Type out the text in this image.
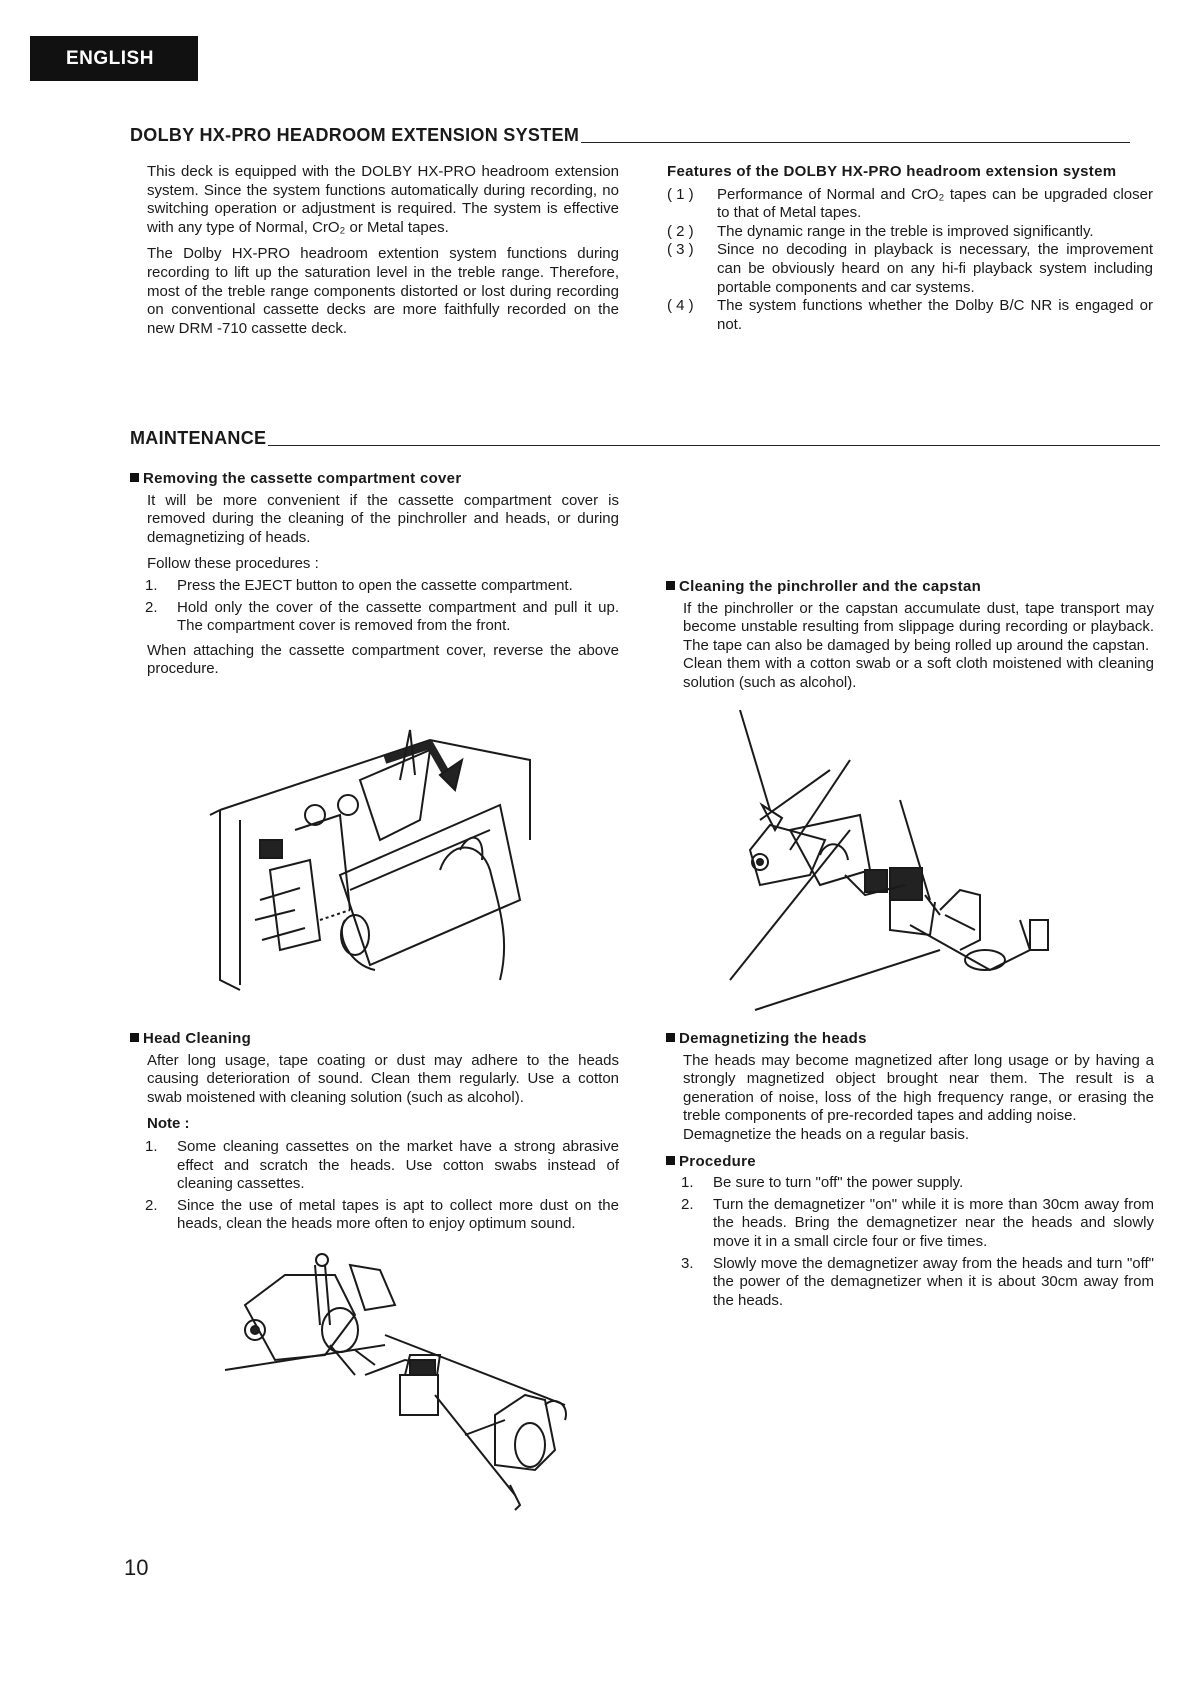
ENGLISH
DOLBY HX-PRO HEADROOM EXTENSION SYSTEM

This deck is equipped with the DOLBY HX-PRO headroom extension system. Since the system functions automatically during recording, no switching operation or adjustment is required. The system is effective with any type of Normal, CrO₂ or Metal tapes.

The Dolby HX-PRO headroom extention system functions during recording to lift up the saturation level in the treble range. Therefore, most of the treble range components distorted or lost during recording on conventional cassette decks are more faithfully recorded on the new DRM -710 cassette deck.

Features of the DOLBY HX-PRO headroom extension system
( 1 )	Performance of Normal and CrO₂ tapes can be upgraded closer to that of Metal tapes.
( 2 )	The dynamic range in the treble is improved significantly.
( 3 )	Since no decoding in playback is necessary, the improvement can be obviously heard on any hi-fi playback system including portable components and car systems.
( 4 )	The system functions whether the Dolby B/C NR is engaged or not.
MAINTENANCE
Removing the cassette compartment cover

It will be more convenient if the cassette compartment cover is removed during the cleaning of the pinchroller and heads, or during demagnetizing of heads.

Follow these procedures :

1.	Press the EJECT button to open the cassette compartment.
2.	Hold only the cover of the cassette compartment and pull it up. The compartment cover is removed from the front.

When attaching the cassette compartment cover, reverse the above procedure.

Cleaning the pinchroller and the capstan

If the pinchroller or the capstan accumulate dust, tape transport may become unstable resulting from slippage during recording or playback. The tape can also be damaged by being rolled up around the capstan.

Clean them with a cotton swab or a soft cloth moistened with cleaning solution (such as alcohol).

Head Cleaning

After long usage, tape coating or dust may adhere to the heads causing deterioration of sound. Clean them regularly. Use a cotton swab moistened with cleaning solution (such as alcohol).

Note :
1.	Some cleaning cassettes on the market have a strong abrasive effect and scratch the heads. Use cotton swabs instead of cleaning cassettes.
2.	Since the use of metal tapes is apt to collect more dust on the heads, clean the heads more often to enjoy optimum sound.
Demagnetizing the heads

The heads may become magnetized after long usage or by having a strongly magnetized object brought near them. The result is a generation of noise, loss of the high frequency range, or erasing the treble components of pre-recorded tapes and adding noise.

Demagnetize the heads on a regular basis.

Procedure
1.	Be sure to turn "off" the power supply.
2.	Turn the demagnetizer "on" while it is more than 30cm away from the heads. Bring the demagnetizer near the heads and slowly move it in a small circle four or five times.
3.	Slowly move the demagnetizer away from the heads and turn "off" the power of the demagnetizer when it is about 30cm away from the heads.
10
